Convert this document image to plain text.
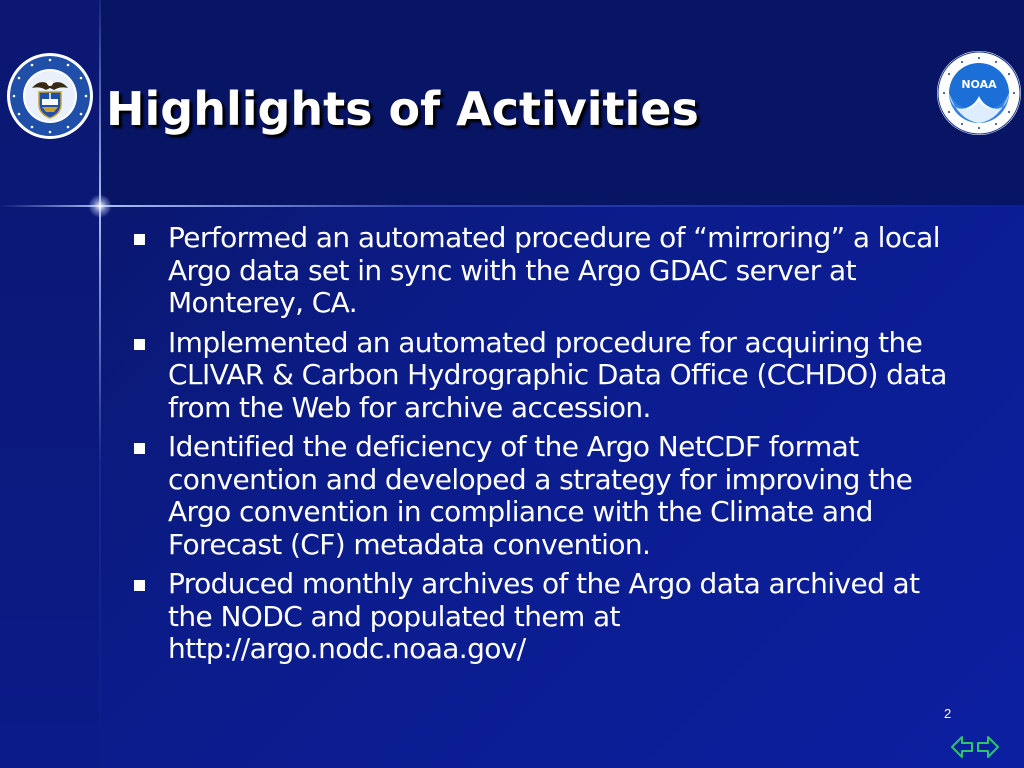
NOAA
Highlights of Activities
Performed an automated procedure of “mirroring” a local Argo data set in sync with the Argo GDAC server at Monterey, CA.
Implemented an automated procedure for acquiring the CLIVAR & Carbon Hydrographic Data Office (CCHDO) data from the Web for archive accession.
Identified the deficiency of the Argo NetCDF format convention and developed a strategy for improving the Argo convention in compliance with the Climate and Forecast (CF) metadata convention.
Produced monthly archives of the Argo data archived at the NODC and populated them at http://argo.nodc.noaa.gov/
2
